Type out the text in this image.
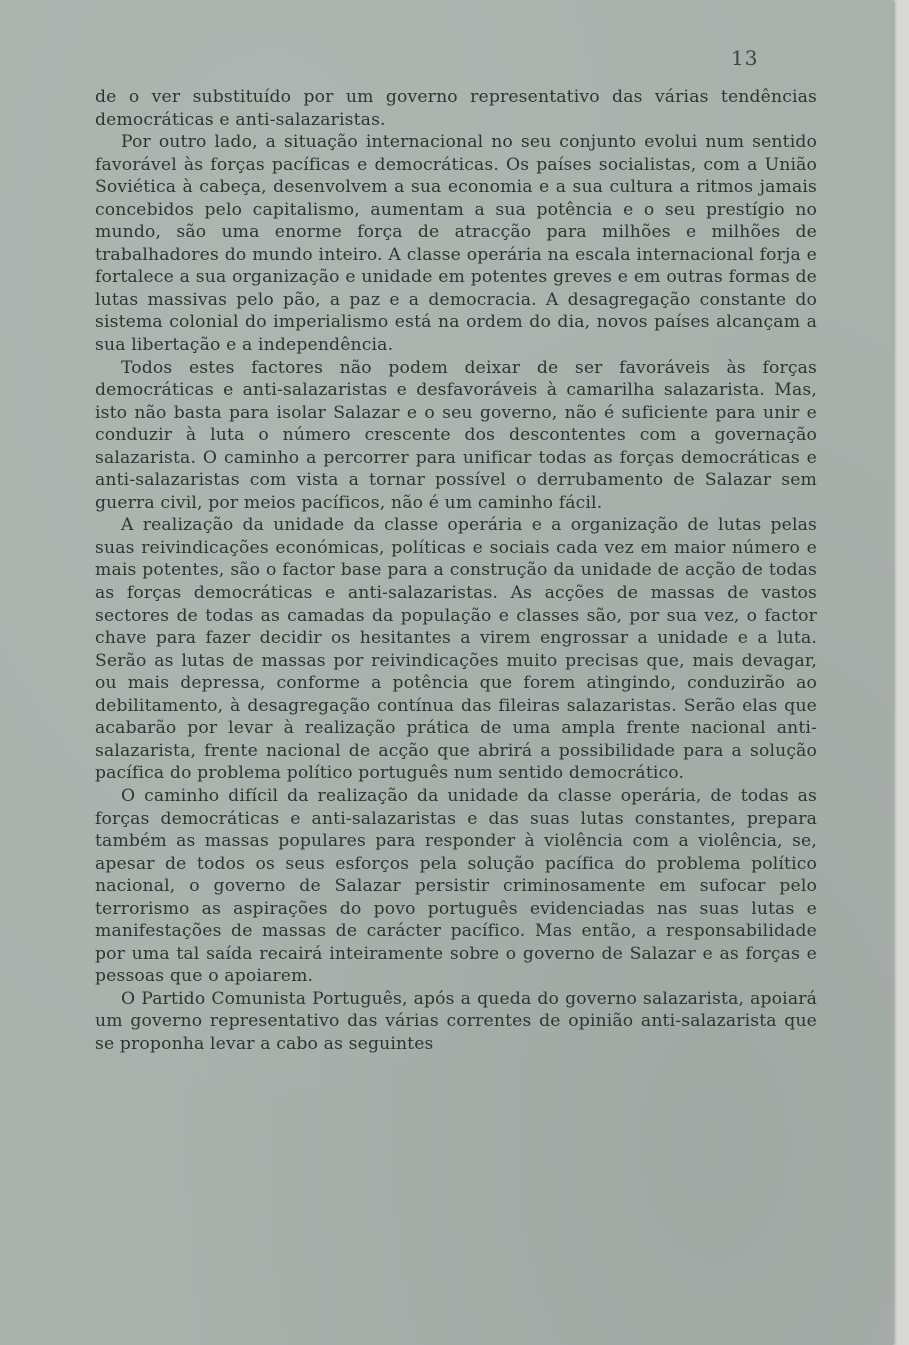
13

de o ver substituído por um governo representativo das várias tendências democráticas e anti-salazaristas.

Por outro lado, a situação internacional no seu conjunto evolui num sentido favorável às forças pacíficas e democráticas. Os países socialistas, com a União Soviética à cabeça, desenvolvem a sua economia e a sua cultura a ritmos jamais concebidos pelo capitalismo, aumentam a sua potência e o seu prestígio no mundo, são uma enorme força de atracção para milhões e milhões de trabalhadores do mundo inteiro. A classe operária na escala internacional forja e fortalece a sua organização e unidade em potentes greves e em outras formas de lutas massivas pelo pão, a paz e a democracia. A desagregação constante do sistema colonial do imperialismo está na ordem do dia, novos países alcançam a sua libertação e a independência.

Todos estes factores não podem deixar de ser favoráveis às forças democráticas e anti-salazaristas e desfavoráveis à camarilha salazarista. Mas, isto não basta para isolar Salazar e o seu governo, não é suficiente para unir e conduzir à luta o número crescente dos descontentes com a governação salazarista. O caminho a percorrer para unificar todas as forças democráticas e anti-salazaristas com vista a tornar possível o derrubamento de Salazar sem guerra civil, por meios pacíficos, não é um caminho fácil.

A realização da unidade da classe operária e a organização de lutas pelas suas reivindicações económicas, políticas e sociais cada vez em maior número e mais potentes, são o factor base para a construção da unidade de acção de todas as forças democráticas e anti-salazaristas. As acções de massas de vastos sectores de todas as camadas da população e classes são, por sua vez, o factor chave para fazer decidir os hesitantes a virem engrossar a unidade e a luta. Serão as lutas de massas por reivindicações muito precisas que, mais devagar, ou mais depressa, conforme a potência que forem atingindo, conduzirão ao debilitamento, à desagregação contínua das fileiras salazaristas. Serão elas que acabarão por levar à realização prática de uma ampla frente nacional anti-salazarista, frente nacional de acção que abrirá a possibilidade para a solução pacífica do problema político português num sentido democrático.

O caminho difícil da realização da unidade da classe operária, de todas as forças democráticas e anti-salazaristas e das suas lutas constantes, prepara também as massas populares para responder à violência com a violência, se, apesar de todos os seus esforços pela solução pacífica do problema político nacional, o governo de Salazar persistir criminosamente em sufocar pelo terrorismo as aspirações do povo português evidenciadas nas suas lutas e manifestações de massas de carácter pacífico. Mas então, a responsabilidade por uma tal saída recairá inteiramente sobre o governo de Salazar e as forças e pessoas que o apoiarem.

O Partido Comunista Português, após a queda do governo salazarista, apoiará um governo representativo das várias correntes de opinião anti-salazarista que se proponha levar a cabo as seguintes
